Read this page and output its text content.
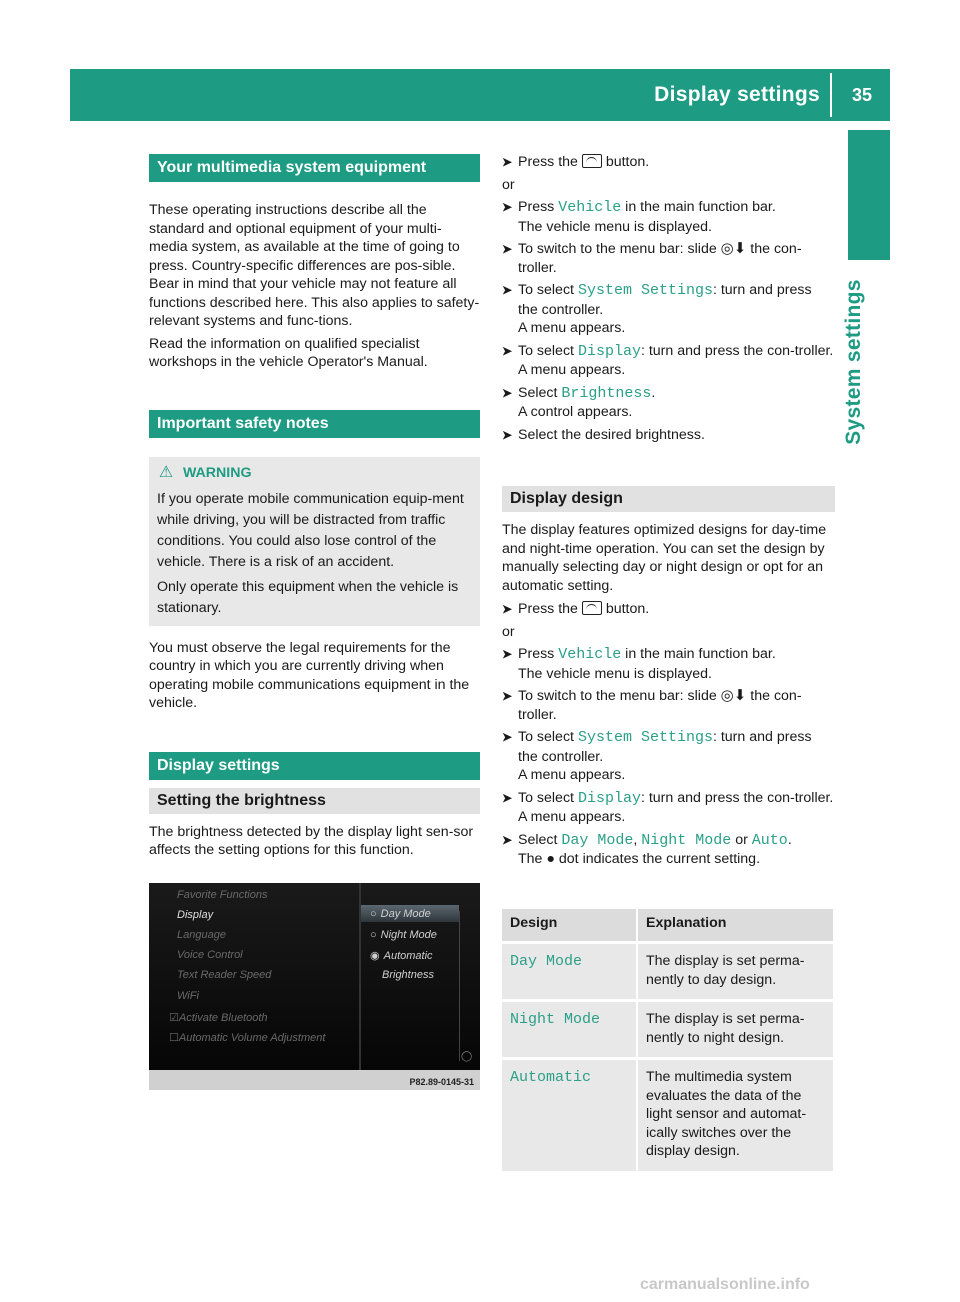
Display settings 35
System settings
Your multimedia system equipment

These operating instructions describe all the standard and optional equipment of your multi-media system, as available at the time of going to press. Country-specific differences are pos-sible. Bear in mind that your vehicle may not feature all functions described here. This also applies to safety-relevant systems and func-tions.

Read the information on qualified specialist workshops in the vehicle Operator's Manual.

Important safety notes
⚠ WARNING

If you operate mobile communication equip-ment while driving, you will be distracted from traffic conditions. You could also lose control of the vehicle. There is a risk of an accident.

Only operate this equipment when the vehicle is stationary.

You must observe the legal requirements for the country in which you are currently driving when operating mobile communications equipment in the vehicle.

Display settings
Setting the brightness

The brightness detected by the display light sen-sor affects the setting options for this function.

Favorite Functions
Display
Language
Voice Control
Text Reader Speed
WiFi
☑Activate Bluetooth
☐Automatic Volume Adjustment
○ Day Mode
○ Night Mode
◉ Automatic
Brightness
◯
P82.89-0145-31
➤ Press the  button.
or
➤ Press Vehicle in the main function bar.
The vehicle menu is displayed.
➤ To switch to the menu bar: slide ◎⬇ the con-troller.
➤ To select System Settings: turn and press the controller.
A menu appears.
➤ To select Display: turn and press the con-troller.
A menu appears.
➤ Select Brightness.
A control appears.
➤ Select the desired brightness.
Display design

The display features optimized designs for day-time and night-time operation. You can set the design by manually selecting day or night design or opt for an automatic setting.

➤ Press the  button.
or
➤ Press Vehicle in the main function bar.
The vehicle menu is displayed.
➤ To switch to the menu bar: slide ◎⬇ the con-troller.
➤ To select System Settings: turn and press the controller.
A menu appears.
➤ To select Display: turn and press the con-troller.
A menu appears.
➤ Select Day Mode, Night Mode or Auto.
The ● dot indicates the current setting.
Design	Explanation
Day Mode	The display is set perma-nently to day design.
Night Mode	The display is set perma-nently to night design.
Automatic	The multimedia system evaluates the data of the light sensor and automat-ically switches over the display design.
carmanualsonline.info
